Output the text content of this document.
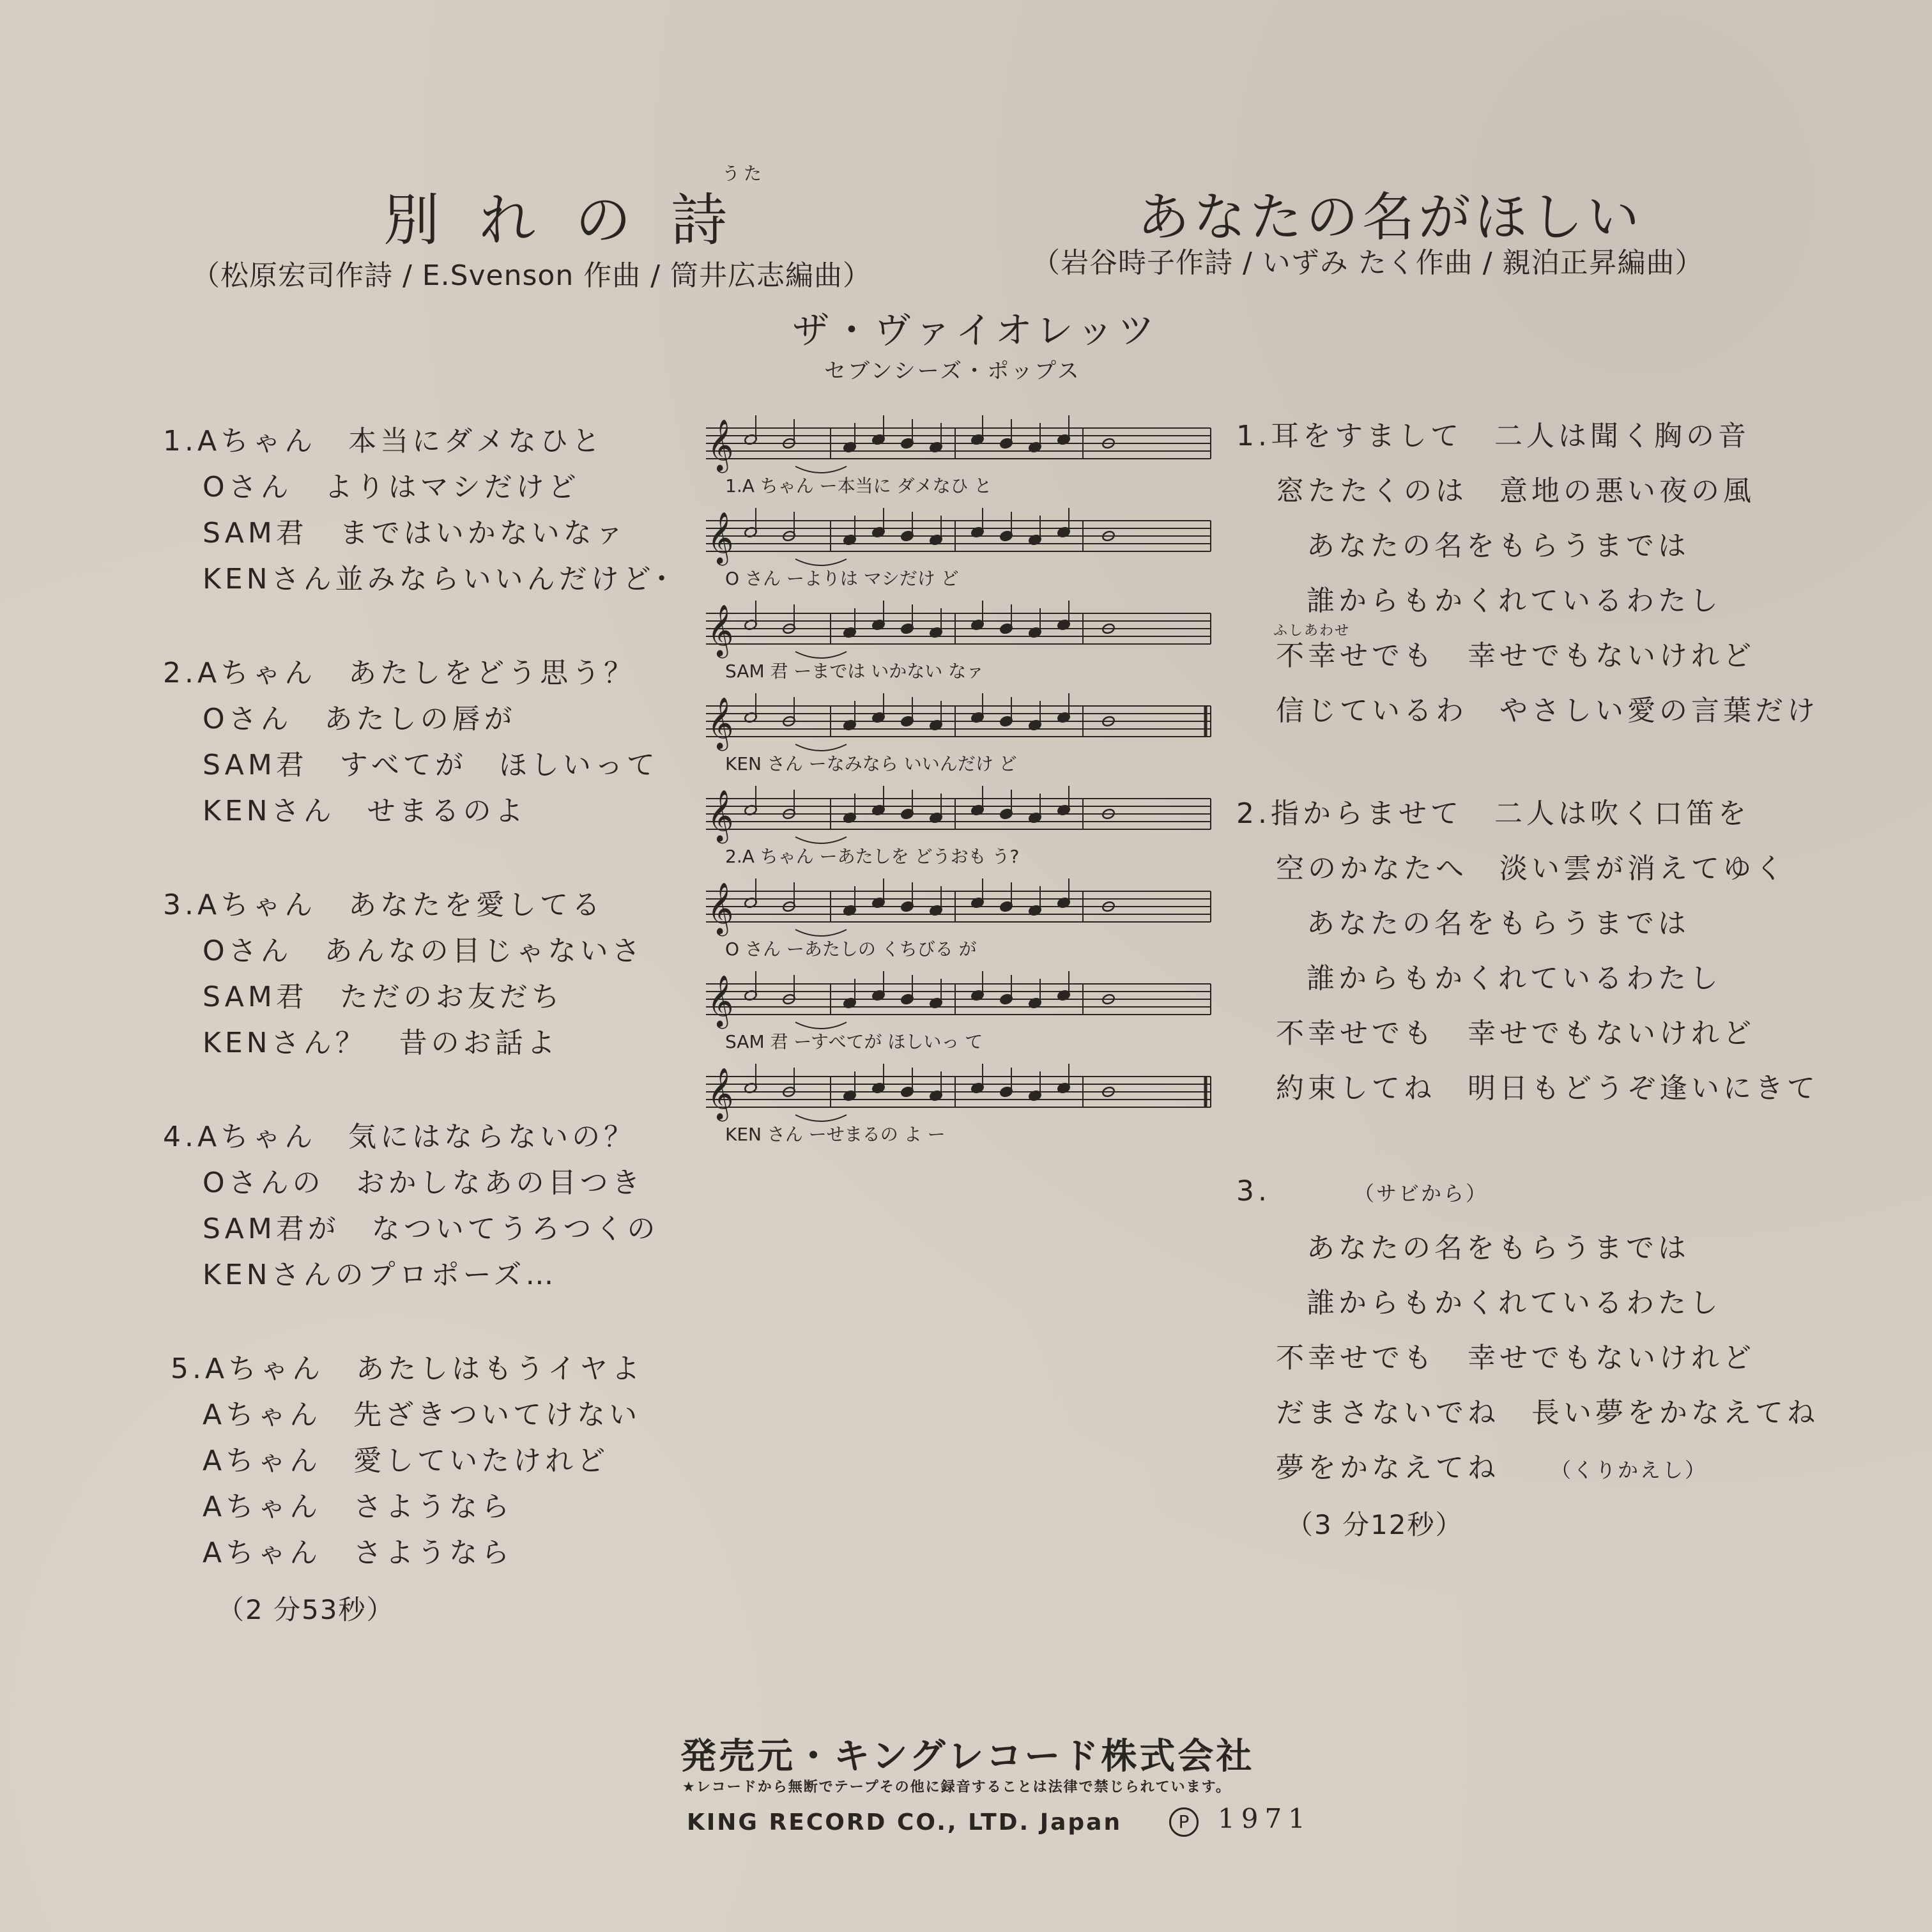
うた
別れの詩
（松原宏司作詩 / E.Svenson 作曲 / 筒井広志編曲）
あなたの名がほしい
（岩谷時子作詩 / いずみ たく作曲 / 親泊正昇編曲）
ザ・ヴァイオレッツ
セブンシーズ・ポップス
1.Aちゃん　本当にダメなひと
Oさん　よりはマシだけど
SAM君　まではいかないなァ
KENさん並みならいいんだけど･
2.Aちゃん　あたしをどう思う？
Oさん　あたしの唇が
SAM君　すべてが　ほしいって
KENさん　せまるのよ
3.Aちゃん　あなたを愛してる
Oさん　あんなの目じゃないさ
SAM君　ただのお友だち
KENさん？　昔のお話よ
4.Aちゃん　気にはならないの？
Oさんの　おかしなあの目つき
SAM君が　なついてうろつくの
KENさんのプロポーズ…
5.Aちゃん　あたしはもうイヤよ
Aちゃん　先ざきついてけない
Aちゃん　愛していたけれど
Aちゃん　さようなら
Aちゃん　さようなら
（2 分53秒）
𝄞
1.A ちゃん ー本当に ダメなひ と
𝄞
O さん ーよりは マシだけ ど
𝄞
SAM 君 ーまでは いかない なァ
𝄞
KEN さん ーなみなら いいんだけ ど
𝄞
2.A ちゃん ーあたしを どうおも う?
𝄞
O さん ーあたしの くちびる が
𝄞
SAM 君 ーすべてが ほしいっ て
𝄞
KEN さん ーせまるの よ ー
1.耳をすまして　二人は聞く胸の音
窓たたくのは　意地の悪い夜の風
あなたの名をもらうまでは
誰からもかくれているわたし
ふしあわせ
不幸せでも　幸せでもないけれど
信じているわ　やさしい愛の言葉だけ
2.指からませて　二人は吹く口笛を
空のかなたへ　淡い雲が消えてゆく
あなたの名をもらうまでは
誰からもかくれているわたし
不幸せでも　幸せでもないけれど
約束してね　明日もどうぞ逢いにきて
3.	（サビから）
あなたの名をもらうまでは
誰からもかくれているわたし
不幸せでも　幸せでもないけれど
だまさないでね　長い夢をかなえてね
夢をかなえてね	（くりかえし）
（3 分12秒）
発売元・キングレコード株式会社
★レコードから無断でテープその他に録音することは法律で禁じられています。
KING RECORD CO., LTD. Japan	P 1971
